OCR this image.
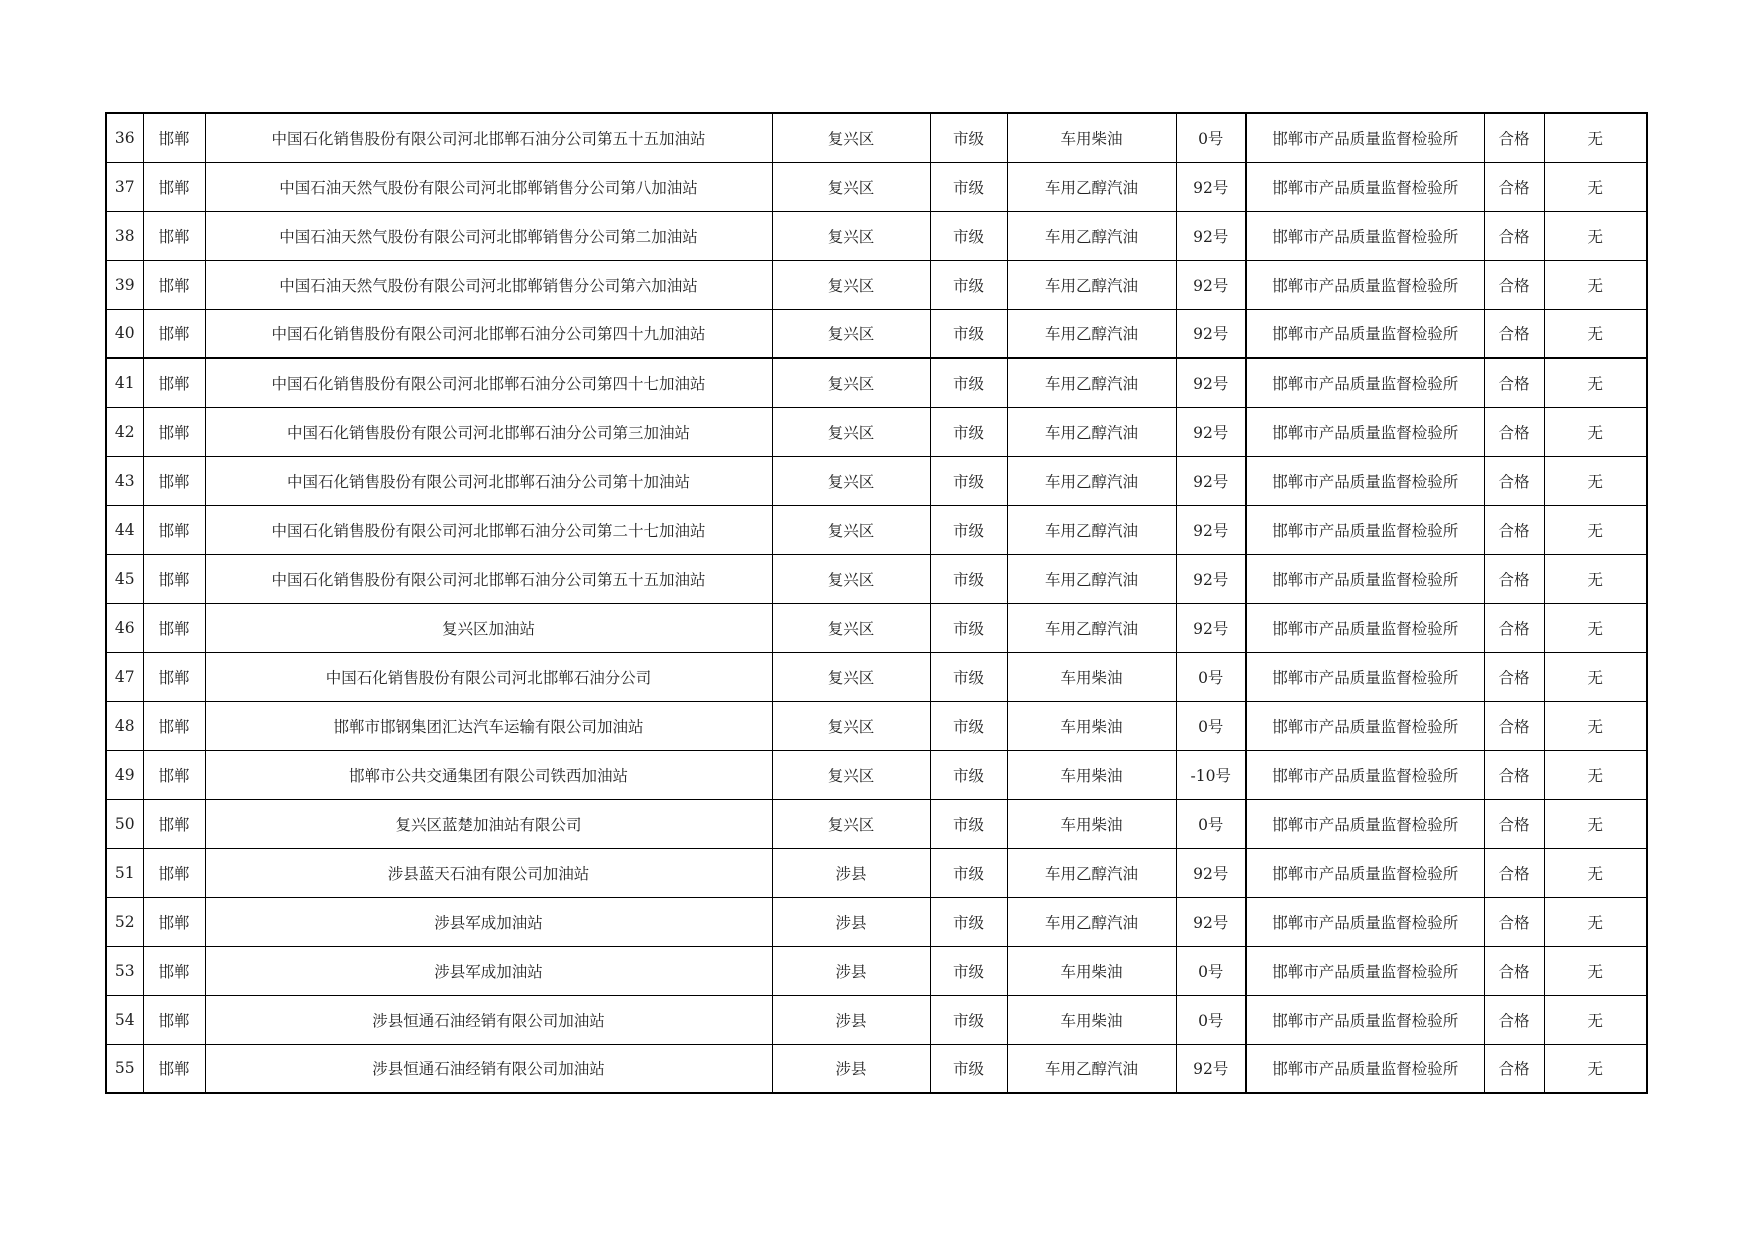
36	邯郸	中国石化销售股份有限公司河北邯郸石油分公司第五十五加油站	复兴区	市级	车用柴油	0号	邯郸市产品质量监督检验所	合格	无
37	邯郸	中国石油天然气股份有限公司河北邯郸销售分公司第八加油站	复兴区	市级	车用乙醇汽油	92号	邯郸市产品质量监督检验所	合格	无
38	邯郸	中国石油天然气股份有限公司河北邯郸销售分公司第二加油站	复兴区	市级	车用乙醇汽油	92号	邯郸市产品质量监督检验所	合格	无
39	邯郸	中国石油天然气股份有限公司河北邯郸销售分公司第六加油站	复兴区	市级	车用乙醇汽油	92号	邯郸市产品质量监督检验所	合格	无
40	邯郸	中国石化销售股份有限公司河北邯郸石油分公司第四十九加油站	复兴区	市级	车用乙醇汽油	92号	邯郸市产品质量监督检验所	合格	无
41	邯郸	中国石化销售股份有限公司河北邯郸石油分公司第四十七加油站	复兴区	市级	车用乙醇汽油	92号	邯郸市产品质量监督检验所	合格	无
42	邯郸	中国石化销售股份有限公司河北邯郸石油分公司第三加油站	复兴区	市级	车用乙醇汽油	92号	邯郸市产品质量监督检验所	合格	无
43	邯郸	中国石化销售股份有限公司河北邯郸石油分公司第十加油站	复兴区	市级	车用乙醇汽油	92号	邯郸市产品质量监督检验所	合格	无
44	邯郸	中国石化销售股份有限公司河北邯郸石油分公司第二十七加油站	复兴区	市级	车用乙醇汽油	92号	邯郸市产品质量监督检验所	合格	无
45	邯郸	中国石化销售股份有限公司河北邯郸石油分公司第五十五加油站	复兴区	市级	车用乙醇汽油	92号	邯郸市产品质量监督检验所	合格	无
46	邯郸	复兴区加油站	复兴区	市级	车用乙醇汽油	92号	邯郸市产品质量监督检验所	合格	无
47	邯郸	中国石化销售股份有限公司河北邯郸石油分公司	复兴区	市级	车用柴油	0号	邯郸市产品质量监督检验所	合格	无
48	邯郸	邯郸市邯钢集团汇达汽车运输有限公司加油站	复兴区	市级	车用柴油	0号	邯郸市产品质量监督检验所	合格	无
49	邯郸	邯郸市公共交通集团有限公司铁西加油站	复兴区	市级	车用柴油	-10号	邯郸市产品质量监督检验所	合格	无
50	邯郸	复兴区蓝楚加油站有限公司	复兴区	市级	车用柴油	0号	邯郸市产品质量监督检验所	合格	无
51	邯郸	涉县蓝天石油有限公司加油站	涉县	市级	车用乙醇汽油	92号	邯郸市产品质量监督检验所	合格	无
52	邯郸	涉县军成加油站	涉县	市级	车用乙醇汽油	92号	邯郸市产品质量监督检验所	合格	无
53	邯郸	涉县军成加油站	涉县	市级	车用柴油	0号	邯郸市产品质量监督检验所	合格	无
54	邯郸	涉县恒通石油经销有限公司加油站	涉县	市级	车用柴油	0号	邯郸市产品质量监督检验所	合格	无
55	邯郸	涉县恒通石油经销有限公司加油站	涉县	市级	车用乙醇汽油	92号	邯郸市产品质量监督检验所	合格	无
